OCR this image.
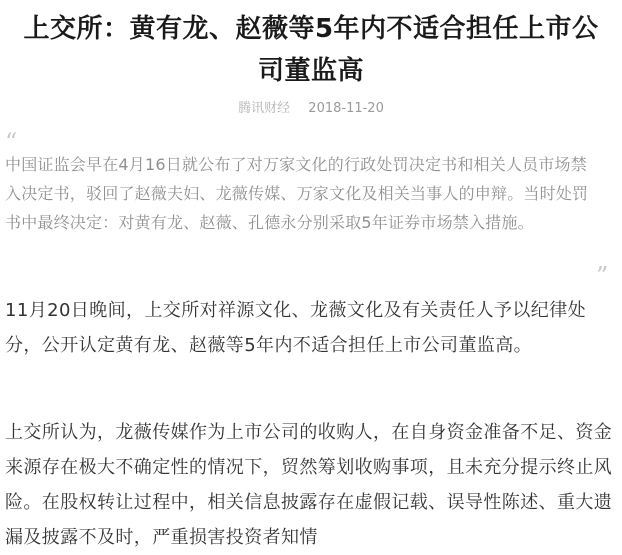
上交所：黄有龙、赵薇等5年内不适合担任上市公司董监高
腾讯财经 2018-11-20
“

中国证监会早在4月16日就公布了对万家文化的行政处罚决定书和相关人员市场禁入决定书，驳回了赵薇夫妇、龙薇传媒、万家文化及相关当事人的申辩。当时处罚书中最终决定：对黄有龙、赵薇、孔德永分别采取5年证券市场禁入措施。

”

11月20日晚间，上交所对祥源文化、龙薇文化及有关责任人予以纪律处分，公开认定黄有龙、赵薇等5年内不适合担任上市公司董监高。

上交所认为，龙薇传媒作为上市公司的收购人，在自身资金准备不足、资金来源存在极大不确定性的情况下，贸然筹划收购事项，且未充分提示终止风险。在股权转让过程中，相关信息披露存在虚假记载、误导性陈述、重大遗漏及披露不及时，严重损害投资者知情
